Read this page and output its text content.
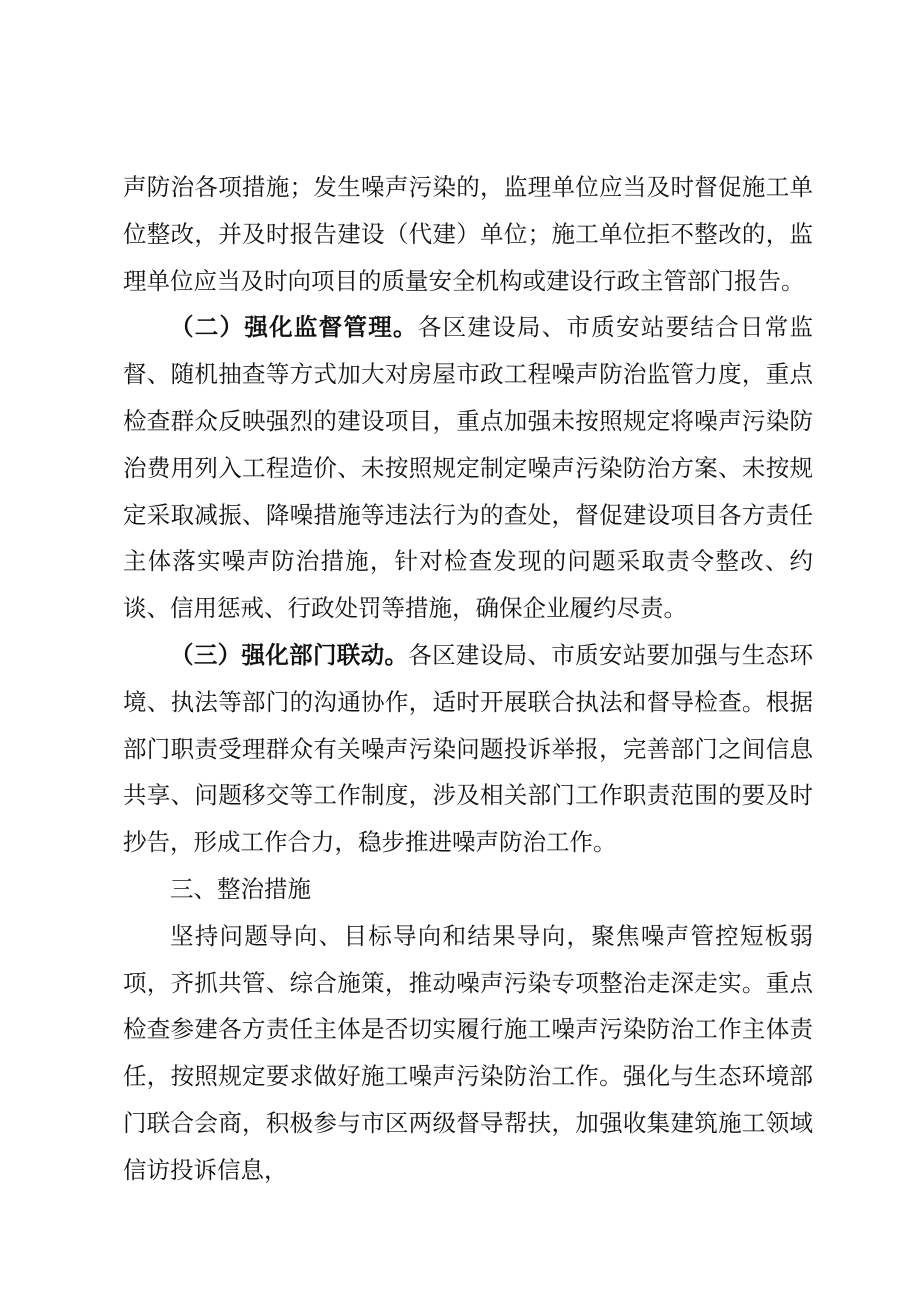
声防治各项措施；发生噪声污染的，监理单位应当及时督促施工单位整改，并及时报告建设（代建）单位；施工单位拒不整改的，监理单位应当及时向项目的质量安全机构或建设行政主管部门报告。

（二）强化监督管理。各区建设局、市质安站要结合日常监督、随机抽查等方式加大对房屋市政工程噪声防治监管力度，重点检查群众反映强烈的建设项目，重点加强未按照规定将噪声污染防治费用列入工程造价、未按照规定制定噪声污染防治方案、未按规定采取减振、降噪措施等违法行为的查处，督促建设项目各方责任主体落实噪声防治措施，针对检查发现的问题采取责令整改、约谈、信用惩戒、行政处罚等措施，确保企业履约尽责。

（三）强化部门联动。各区建设局、市质安站要加强与生态环境、执法等部门的沟通协作，适时开展联合执法和督导检查。根据部门职责受理群众有关噪声污染问题投诉举报，完善部门之间信息共享、问题移交等工作制度，涉及相关部门工作职责范围的要及时抄告，形成工作合力，稳步推进噪声防治工作。

三、整治措施

坚持问题导向、目标导向和结果导向，聚焦噪声管控短板弱项，齐抓共管、综合施策，推动噪声污染专项整治走深走实。重点检查参建各方责任主体是否切实履行施工噪声污染防治工作主体责任，按照规定要求做好施工噪声污染防治工作。强化与生态环境部门联合会商，积极参与市区两级督导帮扶，加强收集建筑施工领域信访投诉信息，
